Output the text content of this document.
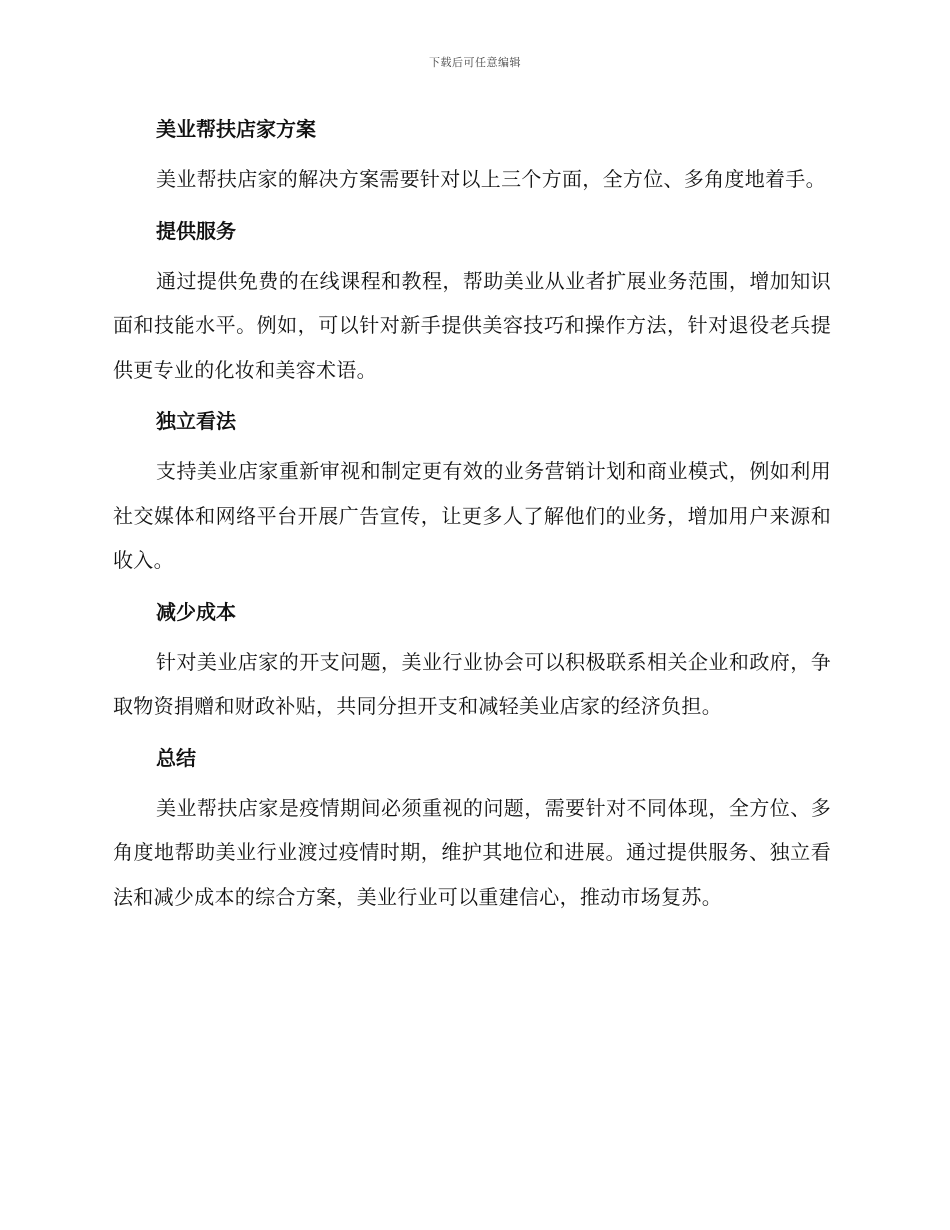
下载后可任意编辑
美业帮扶店家方案

美业帮扶店家的解决方案需要针对以上三个方面，全方位、多角度地着手。

提供服务

通过提供免费的在线课程和教程，帮助美业从业者扩展业务范围，增加知识面和技能水平。例如，可以针对新手提供美容技巧和操作方法，针对退役老兵提供更专业的化妆和美容术语。

独立看法

支持美业店家重新审视和制定更有效的业务营销计划和商业模式，例如利用社交媒体和网络平台开展广告宣传，让更多人了解他们的业务，增加用户来源和收入。

减少成本

针对美业店家的开支问题，美业行业协会可以积极联系相关企业和政府，争取物资捐赠和财政补贴，共同分担开支和减轻美业店家的经济负担。

总结

美业帮扶店家是疫情期间必须重视的问题，需要针对不同体现，全方位、多角度地帮助美业行业渡过疫情时期，维护其地位和进展。通过提供服务、独立看法和减少成本的综合方案，美业行业可以重建信心，推动市场复苏。
